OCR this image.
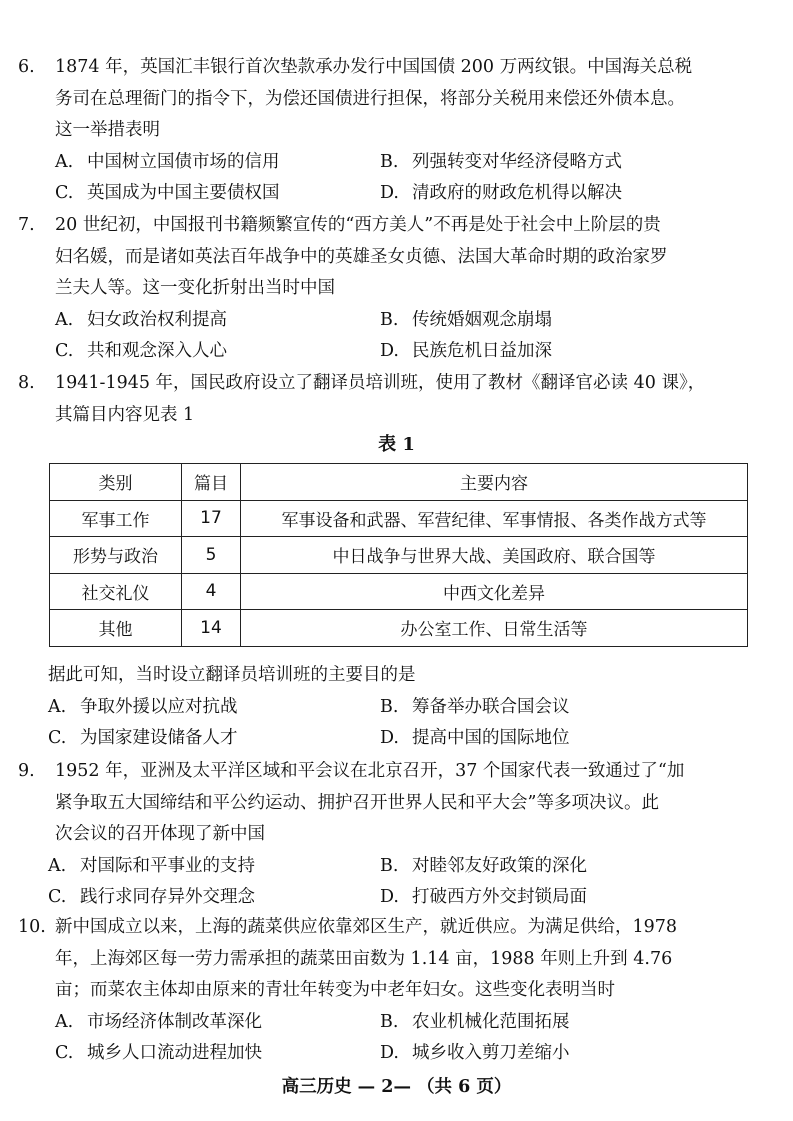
6. 1874 年，英国汇丰银行首次垫款承办发行中国国债 200 万两纹银。中国海关总税
务司在总理衙门的指令下，为偿还国债进行担保，将部分关税用来偿还外债本息。
这一举措表明
A. 中国树立国债市场的信用	B. 列强转变对华经济侵略方式
C. 英国成为中国主要债权国	D. 清政府的财政危机得以解决
7. 20 世纪初，中国报刊书籍频繁宣传的“西方美人”不再是处于社会中上阶层的贵
妇名媛，而是诸如英法百年战争中的英雄圣女贞德、法国大革命时期的政治家罗
兰夫人等。这一变化折射出当时中国
A. 妇女政治权利提高	B. 传统婚姻观念崩塌
C. 共和观念深入人心	D. 民族危机日益加深
8. 1941-1945 年，国民政府设立了翻译员培训班，使用了教材《翻译官必读 40 课》，
其篇目内容见表 1
表 1
类别	篇目	主要内容
军事工作	17	军事设备和武器、军营纪律、军事情报、各类作战方式等
形势与政治	5	中日战争与世界大战、美国政府、联合国等
社交礼仪	4	中西文化差异
其他	14	办公室工作、日常生活等
据此可知，当时设立翻译员培训班的主要目的是
A. 争取外援以应对抗战	B. 筹备举办联合国会议
C. 为国家建设储备人才	D. 提高中国的国际地位
9. 1952 年，亚洲及太平洋区域和平会议在北京召开，37 个国家代表一致通过了“加
紧争取五大国缔结和平公约运动、拥护召开世界人民和平大会”等多项决议。此
次会议的召开体现了新中国
A. 对国际和平事业的支持	B. 对睦邻友好政策的深化
C. 践行求同存异外交理念	D. 打破西方外交封锁局面
10. 新中国成立以来，上海的蔬菜供应依靠郊区生产，就近供应。为满足供给，1978
年，上海郊区每一劳力需承担的蔬菜田亩数为 1.14 亩，1988 年则上升到 4.76
亩；而菜农主体却由原来的青壮年转变为中老年妇女。这些变化表明当时
A. 市场经济体制改革深化	B. 农业机械化范围拓展
C. 城乡人口流动进程加快	D. 城乡收入剪刀差缩小
高三历史 — 2— （共 6 页）
